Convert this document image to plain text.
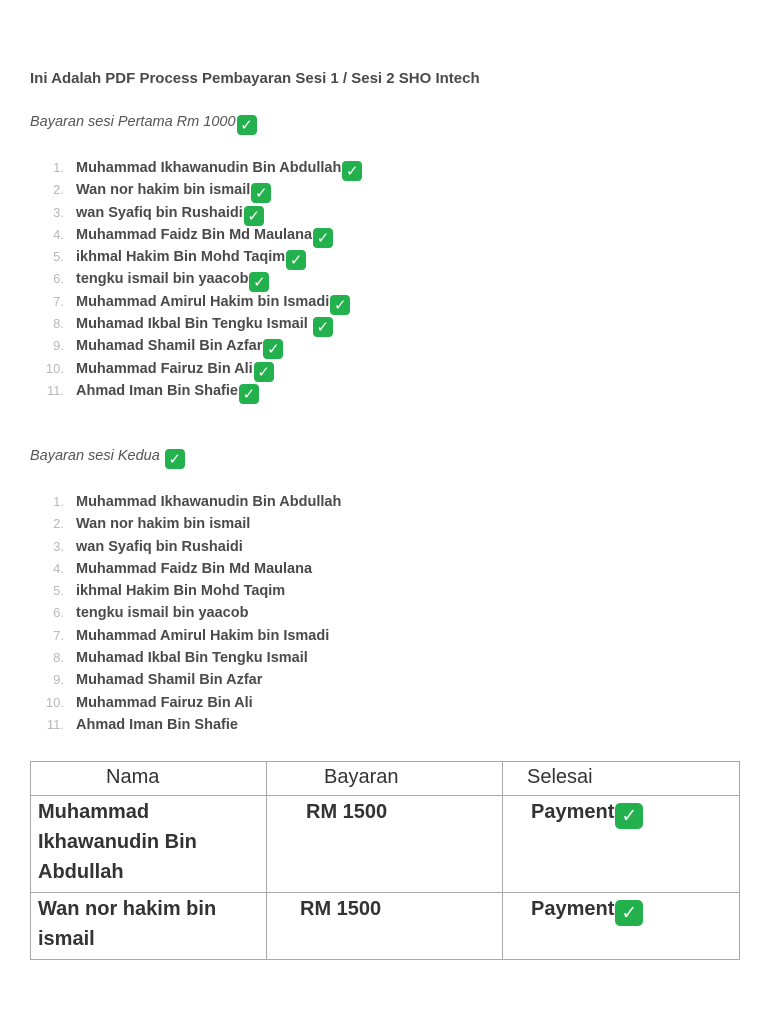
Ini Adalah PDF Process Pembayaran Sesi 1 / Sesi 2 SHO Intech
Bayaran sesi Pertama Rm 1000 ✓
1. Muhammad Ikhawanudin Bin Abdullah ✓
2. Wan nor hakim bin ismail ✓
3. wan Syafiq bin Rushaidi ✓
4. Muhammad Faidz Bin Md Maulana ✓
5. ikhmal Hakim Bin Mohd Taqim ✓
6. tengku ismail bin yaacob ✓
7. Muhammad Amirul Hakim bin Ismadi ✓
8. Muhamad Ikbal Bin Tengku Ismail ✓
9. Muhamad Shamil Bin Azfar ✓
10. Muhammad Fairuz Bin Ali ✓
11. Ahmad Iman Bin Shafie ✓
Bayaran sesi Kedua ✓
1. Muhammad Ikhawanudin Bin Abdullah
2. Wan nor hakim bin ismail
3. wan Syafiq bin Rushaidi
4. Muhammad Faidz Bin Md Maulana
5. ikhmal Hakim Bin Mohd Taqim
6. tengku ismail bin yaacob
7. Muhammad Amirul Hakim bin Ismadi
8. Muhamad Ikbal Bin Tengku Ismail
9. Muhamad Shamil Bin Azfar
10. Muhammad Fairuz Bin Ali
11. Ahmad Iman Bin Shafie
Nama	Bayaran	Selesai
Muhammad Ikhawanudin Bin Abdullah	RM 1500	Payment ✓
Wan nor hakim bin ismail	RM 1500	Payment ✓
